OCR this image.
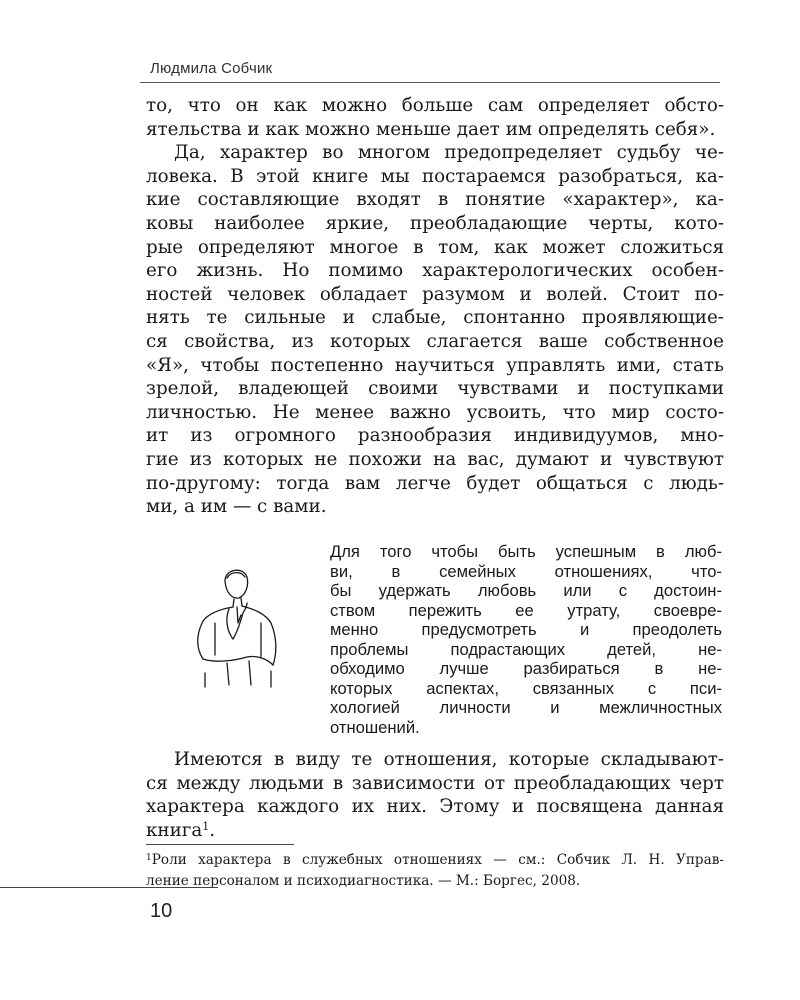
Людмила Собчик
то, что он как можно больше сам определяет обсто-
ятельства и как можно меньше дает им определять себя».
Да, характер во многом предопределяет судьбу че-
ловека. В этой книге мы постараемся разобраться, ка-
кие составляющие входят в понятие «характер», ка-
ковы наиболее яркие, преобладающие черты, кото-
рые определяют многое в том, как может сложиться
его жизнь. Но помимо характерологических особен-
ностей человек обладает разумом и волей. Стоит по-
нять те сильные и слабые, спонтанно проявляющие-
ся свойства, из которых слагается ваше собственное
«Я», чтобы постепенно научиться управлять ими, стать
зрелой, владеющей своими чувствами и поступками
личностью. Не менее важно усвоить, что мир состо-
ит из огромного разнообразия индивидуумов, мно-
гие из которых не похожи на вас, думают и чувствуют
по-другому: тогда вам легче будет общаться с людь-
ми, а им — с вами.
Для того чтобы быть успешным в люб-
ви, в семейных отношениях, что-
бы удержать любовь или с достоин-
ством пережить ее утрату, своевре-
менно предусмотреть и преодолеть
проблемы подрастающих детей, не-
обходимо лучше разбираться в не-
которых аспектах, связанных с пси-
хологией личности и межличностных
отношений.
Имеются в виду те отношения, которые складывают-
ся между людьми в зависимости от преобладающих черт
характера каждого их них. Этому и посвящена данная
книга$^1$.
$^1$Роли характера в служебных отношениях — см.: Собчик Л. Н. Управ-
ление персоналом и психодиагностика. — М.: Боргес, 2008.
10
